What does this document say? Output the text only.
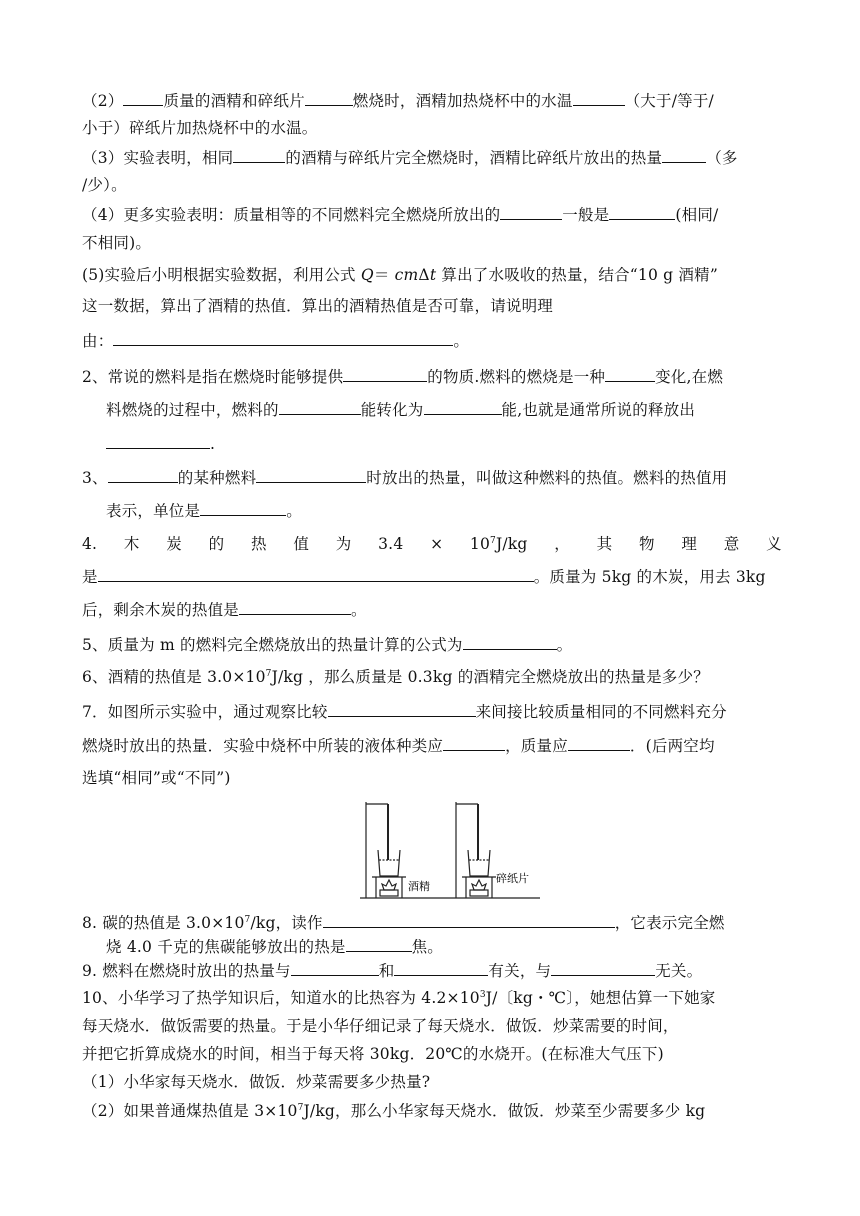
（2）	质量的酒精和碎纸片	燃烧时，酒精加热烧杯中的水温	（大于/等于/
小于）碎纸片加热烧杯中的水温。
（3）实验表明，相同	的酒精与碎纸片完全燃烧时，酒精比碎纸片放出的热量	（多
/少）。
（4）更多实验表明：质量相等的不同燃料完全燃烧所放出的	一般是	(相同/
不相同)。
(5)实验后小明根据实验数据，利用公式 Q＝ cmΔt 算出了水吸收的热量，结合“10 g 酒精”
这一数据，算出了酒精的热值．算出的酒精热值是否可靠，请说明理
由：	。
2、常说的燃料是指在燃烧时能够提供	的物质.燃料的燃烧是一种	变化,在燃
料燃烧的过程中，燃料的	能转化为	能,也就是通常所说的释放出
.
3、	的某种燃料	时放出的热量，叫做这种燃料的热值。燃料的热值用
表示，单位是	。
4. 木 炭 的 热 值 为 $3.4 \times 10^7J/kg$ ， 其 物 理 意 义
是	。质量为 5kg 的木炭，用去 3kg
后，剩余木炭的热值是	。
5、质量为 m 的燃料完全燃烧放出的热量计算的公式为	。
6、酒精的热值是 $3.0\times 10^7J/kg$ ，那么质量是 0.3kg 的酒精完全燃烧放出的热量是多少？
7．如图所示实验中，通过观察比较	来间接比较质量相同的不同燃料充分
燃烧时放出的热量．实验中烧杯中所装的液体种类应	，质量应	．(后两空均
选填“相同”或“不同”)
酒精
碎纸片
8. 碳的热值是 $3.0\times 10^7/kg$，读作	，它表示完全燃
烧 4.0 千克的焦碳能够放出的热是	焦。
9. 燃料在燃烧时放出的热量与	和	有关，与	无关。
10、小华学习了热学知识后，知道水的比热容为 $4.2\times 10^3J/$〔kg・℃〕，她想估算一下她家
每天烧水．做饭需要的热量。于是小华仔细记录了每天烧水．做饭．炒菜需要的时间，
并把它折算成烧水的时间，相当于每天将 30kg．20℃的水烧开。(在标准大气压下)
（1）小华家每天烧水．做饭．炒菜需要多少热量?
（2）如果普通煤热值是 $3\times 10^7J/kg$，那么小华家每天烧水．做饭．炒菜至少需要多少 kg
